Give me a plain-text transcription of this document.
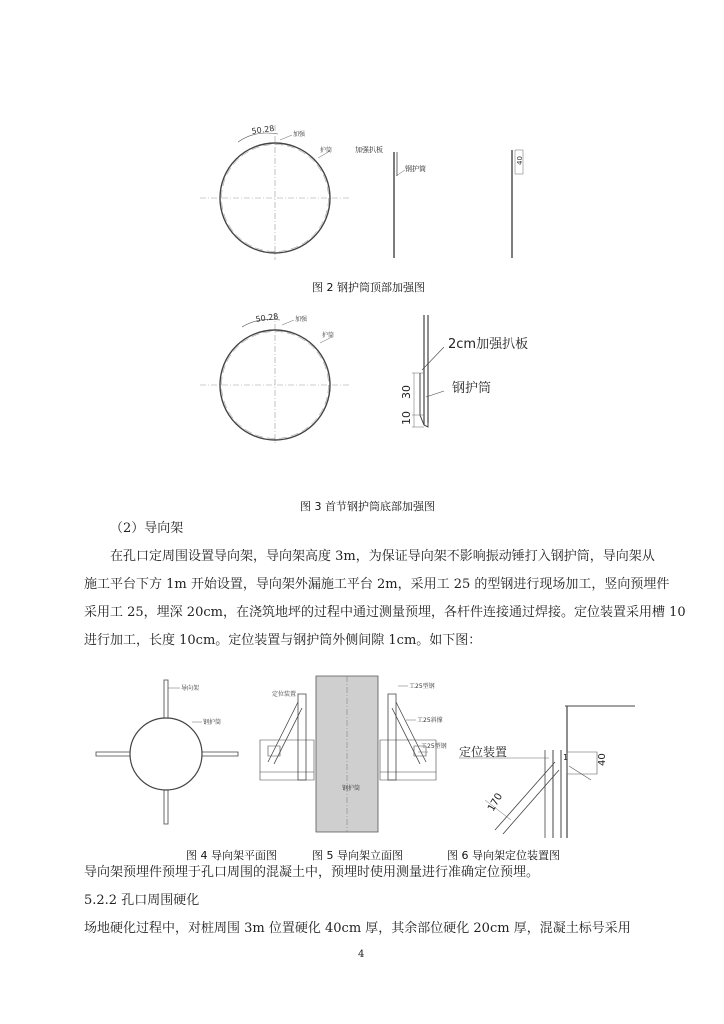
50.28	加强
护筒	加强扒板
钢护筒
40
图 2 钢护筒顶部加强图
50.28	加强
护筒
30
10
2cm加强扒板
钢护筒
图 3 首节钢护筒底部加强图
（2）导向架
在孔口定周围设置导向架，导向架高度 3m，为保证导向架不影响振动锤打入钢护筒，导向架从
施工平台下方 1m 开始设置，导向架外漏施工平台 2m，采用工 25 的型钢进行现场加工，竖向预埋件
采用工 25，埋深 20cm，在浇筑地坪的过程中通过测量预埋，各杆件连接通过焊接。定位装置采用槽 10
进行加工，长度 10cm。定位装置与钢护筒外侧间隙 1cm。如下图：
导向架
钢护筒
定位装置
工25型钢
工25斜撑
工25型钢
钢护筒
定位装置	1	40
170
图 4 导向架平面图	图 5 导向架立面图	图 6 导向架定位装置图
导向架预埋件预埋于孔口周围的混凝土中，预埋时使用测量进行准确定位预埋。
5.2.2 孔口周围硬化
场地硬化过程中，对桩周围 3m 位置硬化 40cm 厚，其余部位硬化 20cm 厚，混凝土标号采用
4
